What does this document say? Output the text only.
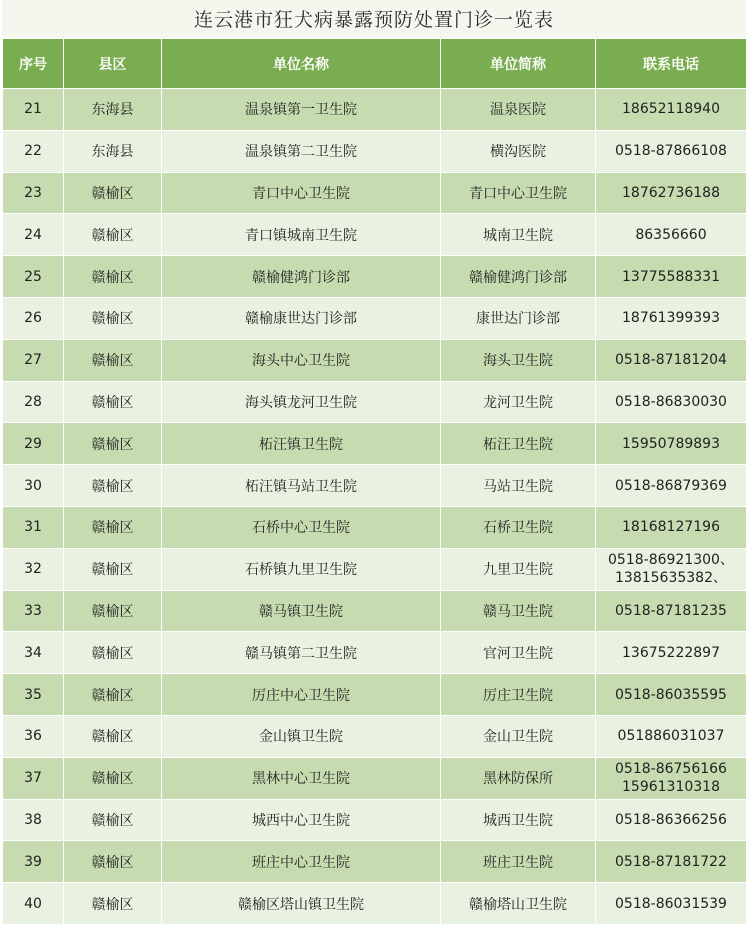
连云港市狂犬病暴露预防处置门诊一览表
序号	县区	单位名称	单位简称	联系电话
21	东海县	温泉镇第一卫生院	温泉医院	18652118940

22	东海县	温泉镇第二卫生院	横沟医院	0518-87866108

23	赣榆区	青口中心卫生院	青口中心卫生院	18762736188

24	赣榆区	青口镇城南卫生院	城南卫生院	86356660

25	赣榆区	赣榆健鸿门诊部	赣榆健鸿门诊部	13775588331

26	赣榆区	赣榆康世达门诊部	康世达门诊部	18761399393

27	赣榆区	海头中心卫生院	海头卫生院	0518-87181204

28	赣榆区	海头镇龙河卫生院	龙河卫生院	0518-86830030

29	赣榆区	柘汪镇卫生院	柘汪卫生院	15950789893

30	赣榆区	柘汪镇马站卫生院	马站卫生院	0518-86879369

31	赣榆区	石桥中心卫生院	石桥卫生院	18168127196

32	赣榆区	石桥镇九里卫生院	九里卫生院	0518-86921300、
13815635382、

33	赣榆区	赣马镇卫生院	赣马卫生院	0518-87181235

34	赣榆区	赣马镇第二卫生院	官河卫生院	13675222897

35	赣榆区	厉庄中心卫生院	厉庄卫生院	0518-86035595

36	赣榆区	金山镇卫生院	金山卫生院	051886031037

37	赣榆区	黑林中心卫生院	黑林防保所	0518-86756166
15961310318

38	赣榆区	城西中心卫生院	城西卫生院	0518-86366256

39	赣榆区	班庄中心卫生院	班庄卫生院	0518-87181722

40	赣榆区	赣榆区塔山镇卫生院	赣榆塔山卫生院	0518-86031539
